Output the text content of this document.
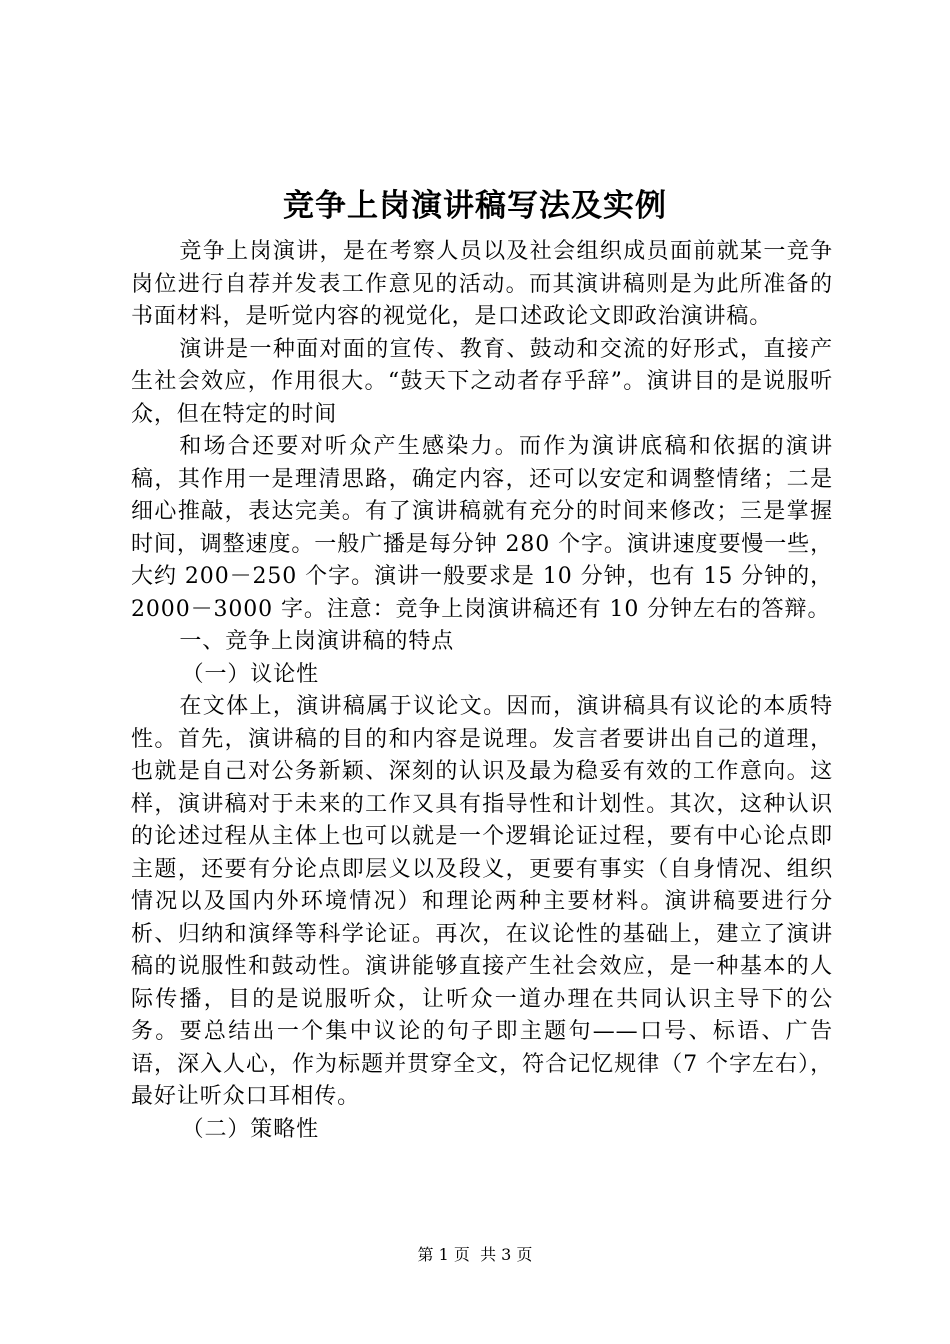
竞争上岗演讲稿写法及实例

竞争上岗演讲，是在考察人员以及社会组织成员面前就某一竞争岗位进行自荐并发表工作意见的活动。而其演讲稿则是为此所准备的书面材料，是听觉内容的视觉化，是口述政论文即政治演讲稿。

演讲是一种面对面的宣传、教育、鼓动和交流的好形式，直接产生社会效应，作用很大。“鼓天下之动者存乎辞”。演讲目的是说服听众，但在特定的时间

和场合还要对听众产生感染力。而作为演讲底稿和依据的演讲稿，其作用一是理清思路，确定内容，还可以安定和调整情绪；二是细心推敲，表达完美。有了演讲稿就有充分的时间来修改；三是掌握时间，调整速度。一般广播是每分钟 280 个字。演讲速度要慢一些，大约 200－250 个字。演讲一般要求是 10 分钟，也有 15 分钟的，2000－3000 字。注意：竞争上岗演讲稿还有 10 分钟左右的答辩。

一、竞争上岗演讲稿的特点

（一）议论性

在文体上，演讲稿属于议论文。因而，演讲稿具有议论的本质特性。首先，演讲稿的目的和内容是说理。发言者要讲出自己的道理，也就是自己对公务新颖、深刻的认识及最为稳妥有效的工作意向。这样，演讲稿对于未来的工作又具有指导性和计划性。其次，这种认识的论述过程从主体上也可以就是一个逻辑论证过程，要有中心论点即主题，还要有分论点即层义以及段义，更要有事实（自身情况、组织情况以及国内外环境情况）和理论两种主要材料。演讲稿要进行分析、归纳和演绎等科学论证。再次，在议论性的基础上，建立了演讲稿的说服性和鼓动性。演讲能够直接产生社会效应，是一种基本的人际传播，目的是说服听众，让听众一道办理在共同认识主导下的公务。要总结出一个集中议论的句子即主题句——口号、标语、广告语，深入人心，作为标题并贯穿全文，符合记忆规律（7 个字左右），最好让听众口耳相传。

（二）策略性

第 1 页 共 3 页
